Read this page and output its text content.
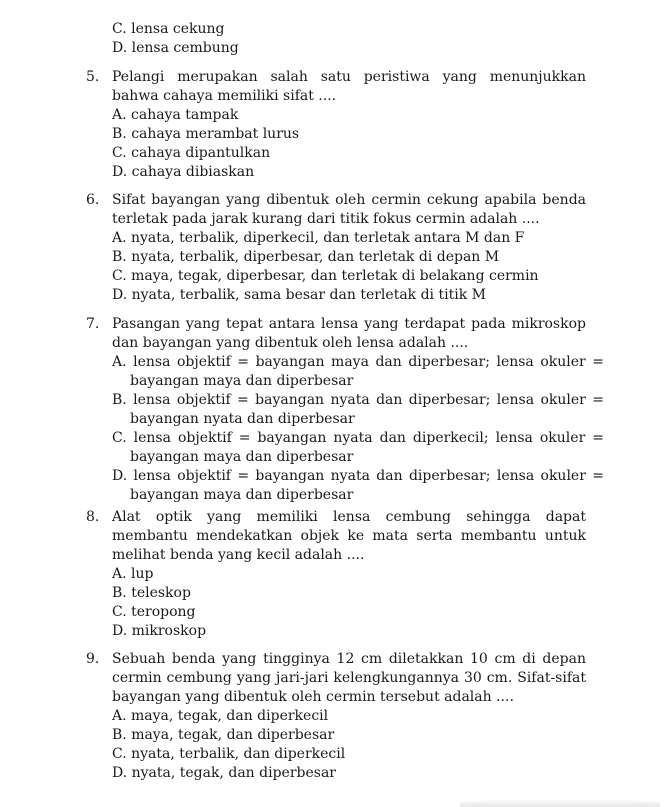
C. lensa cekung
D. lensa cembung
5. Pelangi merupakan salah satu peristiwa yang menunjukkan bahwa cahaya memiliki sifat ....
A. cahaya tampak
B. cahaya merambat lurus
C. cahaya dipantulkan
D. cahaya dibiaskan
6. Sifat bayangan yang dibentuk oleh cermin cekung apabila benda terletak pada jarak kurang dari titik fokus cermin adalah ....
A. nyata, terbalik, diperkecil, dan terletak antara M dan F
B. nyata, terbalik, diperbesar, dan terletak di depan M
C. maya, tegak, diperbesar, dan terletak di belakang cermin
D. nyata, terbalik, sama besar dan terletak di titik M
7. Pasangan yang tepat antara lensa yang terdapat pada mikroskop dan bayangan yang dibentuk oleh lensa adalah ....
A. lensa objektif = bayangan maya dan diperbesar; lensa okuler = bayangan maya dan diperbesar
B. lensa objektif = bayangan nyata dan diperbesar; lensa okuler = bayangan nyata dan diperbesar
C. lensa objektif = bayangan nyata dan diperkecil; lensa okuler = bayangan maya dan diperbesar
D. lensa objektif = bayangan nyata dan diperbesar; lensa okuler = bayangan maya dan diperbesar
8. Alat optik yang memiliki lensa cembung sehingga dapat membantu mendekatkan objek ke mata serta membantu untuk melihat benda yang kecil adalah ....
A. lup
B. teleskop
C. teropong
D. mikroskop
9. Sebuah benda yang tingginya 12 cm diletakkan 10 cm di depan cermin cembung yang jari-jari kelengkungannya 30 cm. Sifat-sifat bayangan yang dibentuk oleh cermin tersebut adalah ....
A. maya, tegak, dan diperkecil
B. maya, tegak, dan diperbesar
C. nyata, terbalik, dan diperkecil
D. nyata, tegak, dan diperbesar
